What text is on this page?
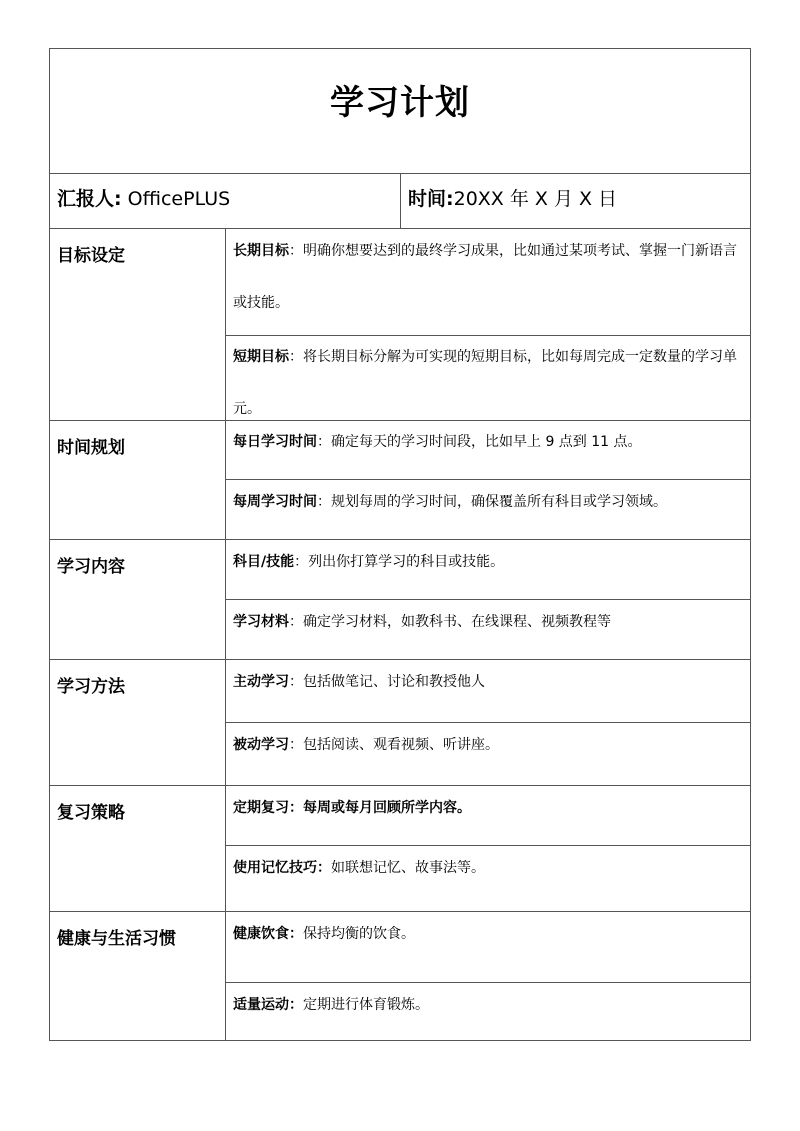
学习计划
汇报人: OfficePLUS	时间:20XX 年 X 月 X 日
目标设定
时间规划
学习内容
学习方法
复习策略
健康与生活习惯
长期目标：明确你想要达到的最终学习成果，比如通过某项考试、掌握一门新语言或技能。
短期目标：将长期目标分解为可实现的短期目标，比如每周完成一定数量的学习单元。
每日学习时间：确定每天的学习时间段，比如早上 9 点到 11 点。
每周学习时间：规划每周的学习时间，确保覆盖所有科目或学习领域。
科目/技能：列出你打算学习的科目或技能。
学习材料：确定学习材料，如教科书、在线课程、视频教程等
主动学习：包括做笔记、讨论和教授他人
被动学习：包括阅读、观看视频、听讲座。
定期复习：每周或每月回顾所学内容。
使用记忆技巧：如联想记忆、故事法等。
健康饮食：保持均衡的饮食。
适量运动：定期进行体育锻炼。
